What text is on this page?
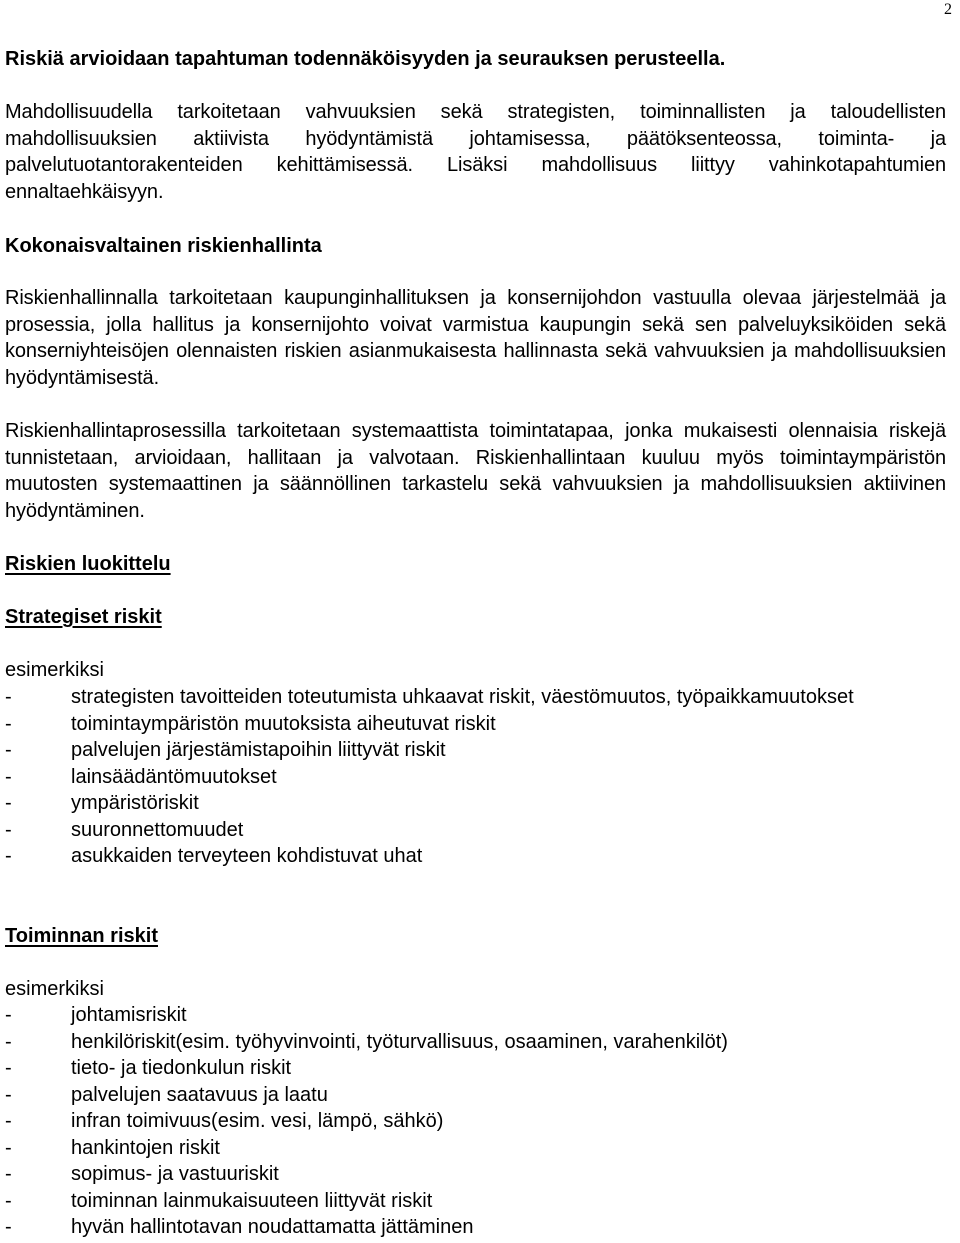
2

Riskiä arvioidaan tapahtuman todennäköisyyden ja seurauksen perusteella.

Mahdollisuudella tarkoitetaan vahvuuksien sekä strategisten, toiminnallisten ja taloudellisten mahdollisuuksien aktiivista hyödyntämistä johtamisessa, päätöksenteossa, toiminta- ja palvelutuotantorakenteiden kehittämisessä. Lisäksi mahdollisuus liittyy vahinkotapahtumien ennaltaehkäisyyn.

Kokonaisvaltainen riskienhallinta

Riskienhallinnalla tarkoitetaan kaupunginhallituksen ja konsernijohdon vastuulla olevaa järjestelmää ja prosessia, jolla hallitus ja konsernijohto voivat varmistua kaupungin sekä sen palveluyksiköiden sekä konserniyhteisöjen olennaisten riskien asianmukaisesta hallinnasta sekä vahvuuksien ja mahdollisuuksien hyödyntämisestä.

Riskienhallintaprosessilla tarkoitetaan systemaattista toimintatapaa, jonka mukaisesti olennaisia riskejä tunnistetaan, arvioidaan, hallitaan ja valvotaan. Riskienhallintaan kuuluu myös toimintaympäristön muutosten systemaattinen ja säännöllinen tarkastelu sekä vahvuuksien ja mahdollisuuksien aktiivinen hyödyntäminen.

Riskien luokittelu

Strategiset riskit

esimerkiksi

-	strategisten tavoitteiden toteutumista uhkaavat riskit, väestömuutos, työpaikkamuutokset
-	toimintaympäristön muutoksista aiheutuvat riskit
-	palvelujen järjestämistapoihin liittyvät riskit
-	lainsäädäntömuutokset
-	ympäristöriskit
-	suuronnettomuudet
-	asukkaiden terveyteen kohdistuvat uhat

Toiminnan riskit

esimerkiksi

-	johtamisriskit
-	henkilöriskit(esim. työhyvinvointi, työturvallisuus, osaaminen, varahenkilöt)
-	tieto- ja tiedonkulun riskit
-	palvelujen saatavuus ja laatu
-	infran toimivuus(esim. vesi, lämpö, sähkö)
-	hankintojen riskit
-	sopimus- ja vastuuriskit
-	toiminnan lainmukaisuuteen liittyvät riskit
-	hyvän hallintotavan noudattamatta jättäminen
